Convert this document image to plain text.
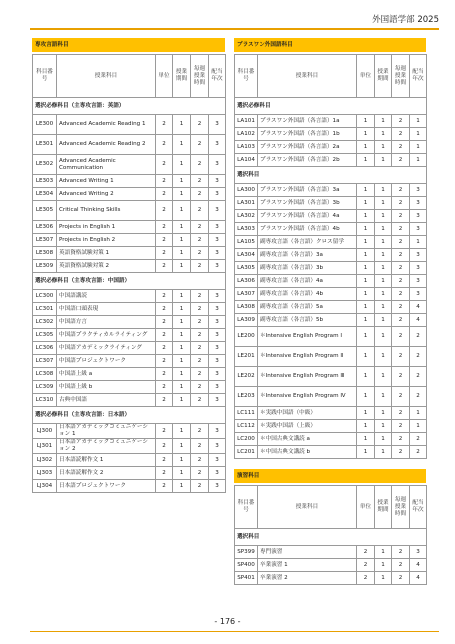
外国語学部 2025
専攻言語科目
科目番号	授業科目	単位	授業期間	毎週授業時間	配当年次
選択必修科目（主専攻言語：英語）					
LE300	Advanced Academic Reading 1	2	1	2	3
LE301	Advanced Academic Reading 2	2	1	2	3
LE302	Advanced Academic Communication	2	1	2	3
LE303	Advanced Writing 1	2	1	2	3
LE304	Advanced Writing 2	2	1	2	3
LE305	Critical Thinking Skills	2	1	2	3
LE306	Projects in English 1	2	1	2	3
LE307	Projects in English 2	2	1	2	3
LE308	英語資格試験対策 1	2	1	2	3
LE309	英語資格試験対策 2	2	1	2	3
選択必修科目（主専攻言語：中国語）					
LC300	中国語講読	2	1	2	3
LC301	中国語口頭表現	2	1	2	3
LC302	中国語方言	2	1	2	3
LC305	中国語プラクティカルライティング	2	1	2	3
LC306	中国語アカデミックライティング	2	1	2	3
LC307	中国語プロジェクトワーク	2	1	2	3
LC308	中国語上級 a	2	1	2	3
LC309	中国語上級 b	2	1	2	3
LC310	古典中国語	2	1	2	3
選択必修科目（主専攻言語：日本語）					
LJ300	日本語アカデミックコミュニケーション 1	2	1	2	3
LJ301	日本語アカデミックコミュニケーション 2	2	1	2	3
LJ302	日本語読解作文 1	2	1	2	3
LJ303	日本語読解作文 2	2	1	2	3
LJ304	日本語プロジェクトワーク	2	1	2	3
プラスワン外国語科目
科目番号	授業科目	単位	授業期間	毎週授業時間	配当年次
選択必修科目					
LA101	プラスワン外国語（各言語）1a	1	1	2	1
LA102	プラスワン外国語（各言語）1b	1	1	2	1
LA103	プラスワン外国語（各言語）2a	1	1	2	1
LA104	プラスワン外国語（各言語）2b	1	1	2	1
選択科目					
LA300	プラスワン外国語（各言語）3a	1	1	2	3
LA301	プラスワン外国語（各言語）3b	1	1	2	3
LA302	プラスワン外国語（各言語）4a	1	1	2	3
LA303	プラスワン外国語（各言語）4b	1	1	2	3
LA105	副専攻言語（各言語）クロス留学	1	1	2	1
LA304	副専攻言語（各言語）3a	1	1	2	3
LA305	副専攻言語（各言語）3b	1	1	2	3
LA306	副専攻言語（各言語）4a	1	1	2	3
LA307	副専攻言語（各言語）4b	1	1	2	3
LA308	副専攻言語（各言語）5a	1	1	2	4
LA309	副専攻言語（各言語）5b	1	1	2	4
LE200	＊Intensive English Program Ⅰ	1	1	2	2
LE201	＊Intensive English Program Ⅱ	1	1	2	2
LE202	＊Intensive English Program Ⅲ	1	1	2	2
LE203	＊Intensive English Program Ⅳ	1	1	2	2
LC111	＊実践中国語（中級）	1	1	2	1
LC112	＊実践中国語（上級）	1	1	2	1
LC200	＊中国古典文講読 a	1	1	2	2
LC201	＊中国古典文講読 b	1	1	2	2
演習科目
科目番号	授業科目	単位	授業期間	毎週授業時間	配当年次
選択科目					
SP399	専門演習	2	1	2	3
SP400	卒業演習 1	2	1	2	4
SP401	卒業演習 2	2	1	2	4
- 176 -
